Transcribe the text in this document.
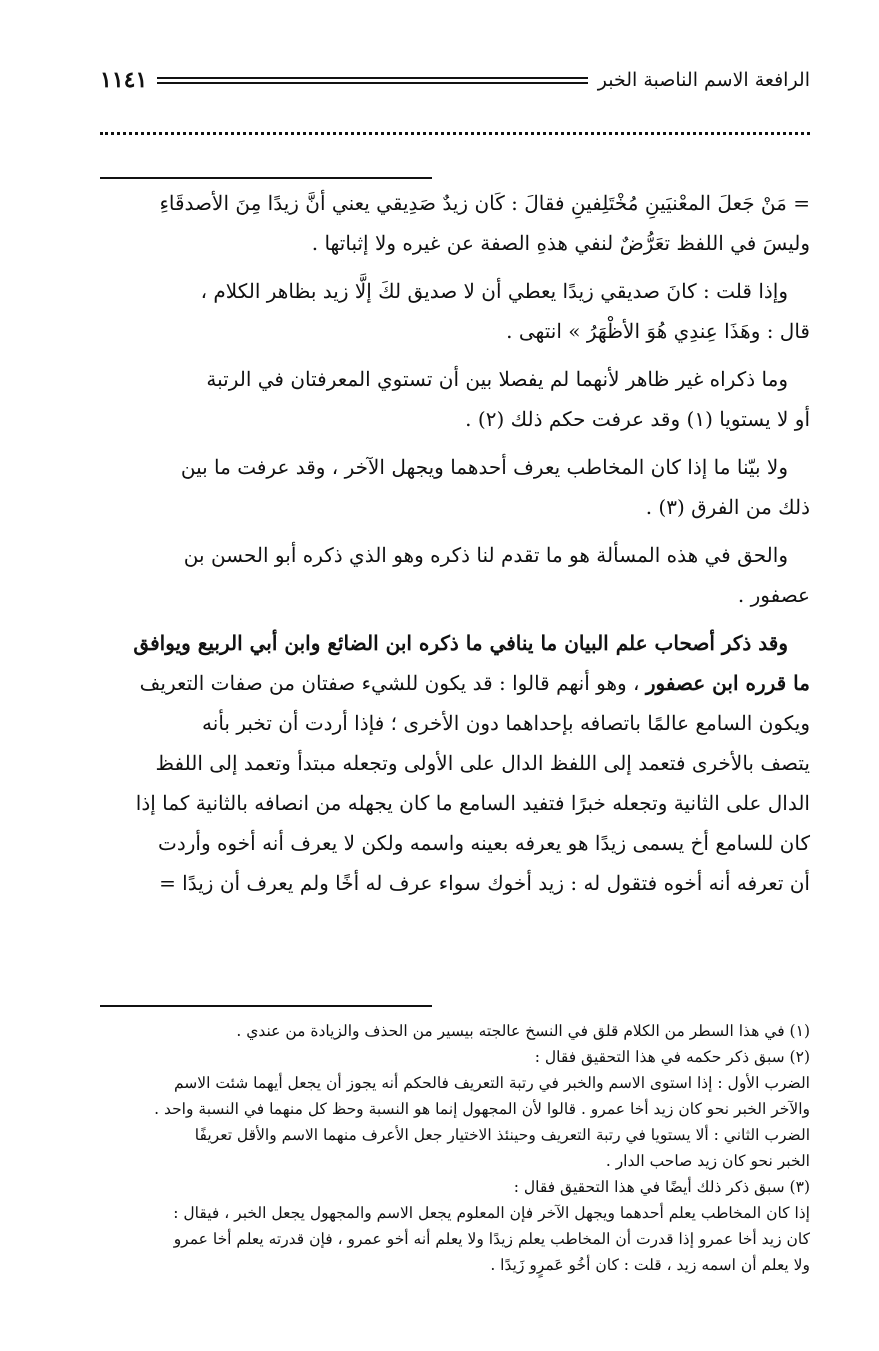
الرافعة الاسم الناصبة الخبر
١١٤١

= مَنْ جَعلَ المعْنيَينِ مُخْتَلِفينِ فقالَ : كَان زيدٌ صَدِيقي يعني أنَّ زيدًا مِنَ الأصدقَاءِ

وليسَ في اللفظ تعَرُّضٌ لنفي هذهِ الصفة عن غيره ولا إثباتها .

وإذا قلت : كانَ صديقي زيدًا يعطي أن لا صديق لكَ إلَّا زيد بظاهر الكلام ،

قال : وهَذَا عِندِي هُوَ الأظْهَرُ » انتهى .

وما ذكراه غير ظاهر لأنهما لم يفصلا بين أن تستوي المعرفتان في الرتبة

أو لا يستويا (١) وقد عرفت حكم ذلك (٢) .

ولا بيّنا ما إذا كان المخاطب يعرف أحدهما ويجهل الآخر ، وقد عرفت ما بين

ذلك من الفرق (٣) .

والحق في هذه المسألة هو ما تقدم لنا ذكره وهو الذي ذكره أبو الحسن بن

عصفور .

وقد ذكر أصحاب علم البيان ما ينافي ما ذكره ابن الضائع وابن أبي الربيع ويوافق

ما قرره ابن عصفور ، وهو أنهم قالوا : قد يكون للشيء صفتان من صفات التعريف

ويكون السامع عالمًا باتصافه بإحداهما دون الأخرى ؛ فإذا أردت أن تخبر بأنه

يتصف بالأخرى فتعمد إلى اللفظ الدال على الأولى وتجعله مبتدأ وتعمد إلى اللفظ

الدال على الثانية وتجعله خبرًا فتفيد السامع ما كان يجهله من انصافه بالثانية كما إذا

كان للسامع أخ يسمى زيدًا هو يعرفه بعينه واسمه ولكن لا يعرف أنه أخوه وأردت

أن تعرفه أنه أخوه فتقول له : زيد أخوك سواء عرف له أخًا ولم يعرف أن زيدًا =

(١) في هذا السطر من الكلام قلق في النسخ عالجته بيسير من الحذف والزيادة من عندي .

(٢) سبق ذكر حكمه في هذا التحقيق فقال :

الضرب الأول : إذا استوى الاسم والخبر في رتبة التعريف فالحكم أنه يجوز أن يجعل أيهما شئت الاسم

والآخر الخبر نحو كان زيد أخا عمرو . قالوا لأن المجهول إنما هو النسبة وحظ كل منهما في النسبة واحد .

الضرب الثاني : ألا يستويا في رتبة التعريف وحينئذ الاختيار جعل الأعرف منهما الاسم والأقل تعريفًا

الخبر نحو كان زيد صاحب الدار .

(٣) سبق ذكر ذلك أيضًا في هذا التحقيق فقال :

إذا كان المخاطب يعلم أحدهما ويجهل الآخر فإن المعلوم يجعل الاسم والمجهول يجعل الخبر ، فيقال :

كان زيد أخا عمرو إذا قدرت أن المخاطب يعلم زيدًا ولا يعلم أنه أخو عمرو ، فإن قدرته يعلم أخا عمرو

ولا يعلم أن اسمه زيد ، قلت : كان أخُو عَمرٍو زَيدًا .
